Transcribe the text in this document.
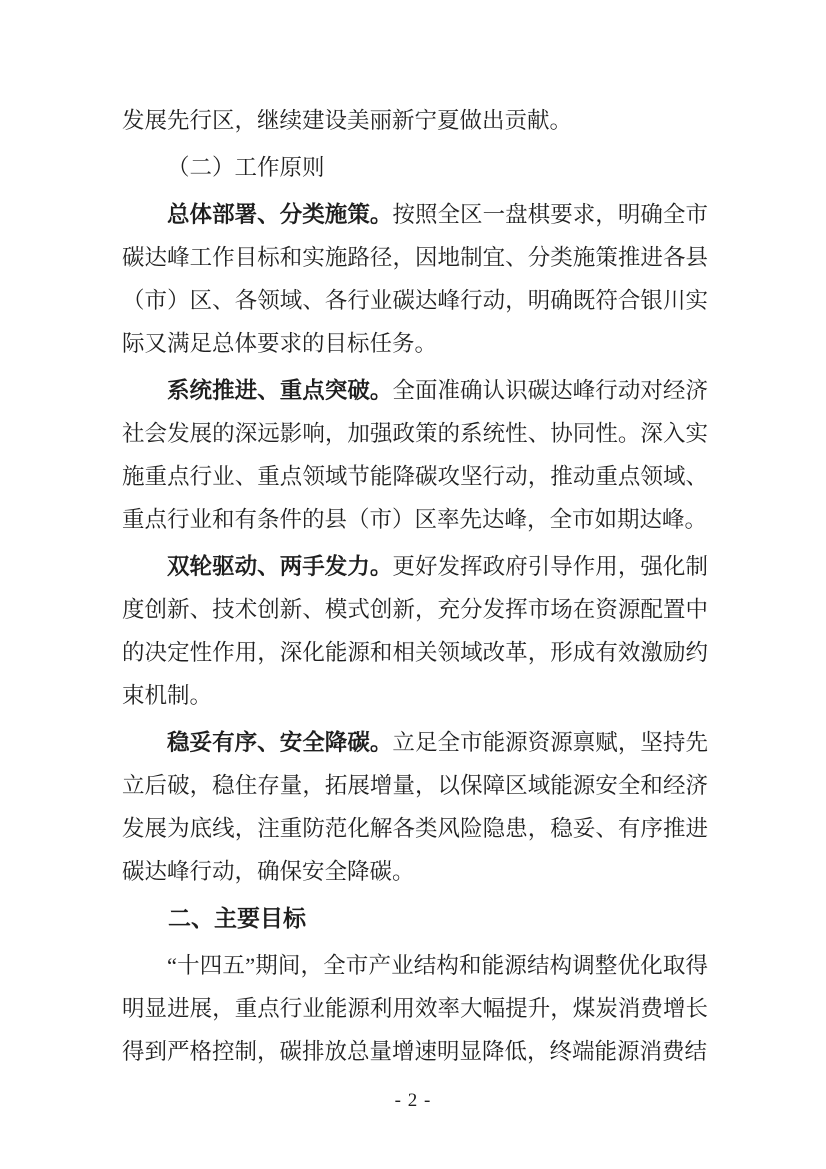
发展先行区，继续建设美丽新宁夏做出贡献。

（二）工作原则

总体部署、分类施策。按照全区一盘棋要求，明确全市碳达峰工作目标和实施路径，因地制宜、分类施策推进各县（市）区、各领域、各行业碳达峰行动，明确既符合银川实际又满足总体要求的目标任务。

系统推进、重点突破。全面准确认识碳达峰行动对经济社会发展的深远影响，加强政策的系统性、协同性。深入实施重点行业、重点领域节能降碳攻坚行动，推动重点领域、重点行业和有条件的县（市）区率先达峰，全市如期达峰。

双轮驱动、两手发力。更好发挥政府引导作用，强化制度创新、技术创新、模式创新，充分发挥市场在资源配置中的决定性作用，深化能源和相关领域改革，形成有效激励约束机制。

稳妥有序、安全降碳。立足全市能源资源禀赋，坚持先立后破，稳住存量，拓展增量，以保障区域能源安全和经济发展为底线，注重防范化解各类风险隐患，稳妥、有序推进碳达峰行动，确保安全降碳。

二、主要目标

“十四五”期间，全市产业结构和能源结构调整优化取得明显进展，重点行业能源利用效率大幅提升，煤炭消费增长得到严格控制，碳排放总量增速明显降低，终端能源消费结

- 2 -
